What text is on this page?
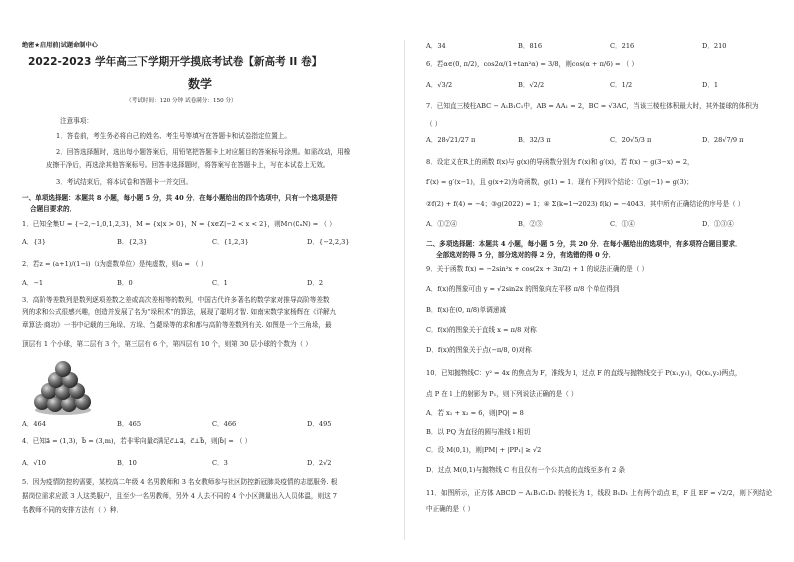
绝密★启用前|试题命制中心
2022-2023 学年高三下学期开学摸底考试卷【新高考 II 卷】
数学
（考试时间：120 分钟 试卷满分：150 分）
注意事项：
1．答卷前，考生务必将自己的姓名、考生号等填写在答题卡和试卷指定位置上。
2．回答选择题时，选出每小题答案后，用铅笔把答题卡上对应题目的答案标号涂黑。如需改动，用橡
皮擦干净后，再选涂其他答案标号。回答非选择题时，将答案写在答题卡上，写在本试卷上无效。
3．考试结束后，将本试卷和答题卡一并交回。
一、单项选择题：本题共 8 小题，每小题 5 分，共 40 分．在每小题给出的四个选项中，只有一个选项是符
合题目要求的．
1．已知全集U = {−2,−1,0,1,2,3}，M = {x|x > 0}，N = {x∈Z|−2 < x < 2}，则M∩(∁ᵤN) = （ ）
A．{3}	B．{2,3}	C．{1,2,3}	D．{−2,2,3}
2．若z = (a+1)/(1−i)（i为虚数单位）是纯虚数，则a = （ ）
A．−1	B．0	C．1	D．2
3．高阶等差数列是数列逐项差数之差或高次差相等的数列，中国古代许多著名的数学家对推导高阶等差数
列的求和公式很感兴趣，创造并发展了名为“垛积术”的算法，展现了聪明才智. 如南宋数学家杨辉在《详解九
章算法·商功》一书中记载的三角垛、方垛、刍薨垛等的求和都与高阶等差数列有关. 如图是一个三角垛，最
顶层有 1 个小球，第二层有 3 个，第三层有 6 个，第四层有 10 个，则第 30 层小球的个数为（ ）
A．464	B．465	C．466	D．495
4．已知a⃗ = (1,3)，b⃗ = (3,m)，若非零向量c⃗满足c⃗⊥a⃗，c⃗⊥b⃗，则|b⃗| = （ ）
A．√10	B．10	C．3	D．2√2
5．因为疫情防控的需要，某校高二年级 4 名男教师和 3 名女教师参与社区防控新冠肺炎疫情的志愿服务. 根
据岗位需求应派 3 人这类服户，且至少一名男教师，另外 4 人去不同的 4 个小区测量出入人员体温，则这 7
名教师不同的安排方法有（ ）种．
A．34	B．816	C．216	D．210
6．若α∈(0, π/2)，cos2α/(1+tan²α) = 3/8，则cos(α + π/6) = （ ）
A．√3/2	B．√2/2	C．1/2	D．1
7．已知直三棱柱ABC − A₁B₁C₁中，AB = AA₁ = 2，BC = √3AC，当该三棱柱体积最大时，其外接球的体积为
（ ）
A．28√21/27 π	B．32/3 π	C．20√5/3 π	D．28√7/9 π
8．设定义在R上的函数 f(x)与 g(x)的导函数分别为 f′(x)和 g′(x)，若 f(x) − g(3−x) = 2，
f′(x) = g′(x−1)，且 g(x+2)为奇函数，g(1) = 1．现有下列四个结论：①g(−1) = g(3)；
②f(2) + f(4) = −4；③g(2022) = 1；④ Σ(k=1→2023) f(k) = −4043．其中所有正确结论的序号是（ ）
A．①②④	B．②③	C．①④	D．①③④
二、多项选择题：本题共 4 小题，每小题 5 分，共 20 分．在每小题给出的选项中，有多项符合题目要求．
全部选对的得 5 分，部分选对的得 2 分，有选错的得 0 分．
9．关于函数 f(x) = −2sin²x + cos(2x + 3π/2) + 1 的说法正确的是（ ）
A．f(x)的图象可由 y = √2sin2x 的图象向左平移 π/8 个单位得到
B．f(x)在(0, π/8)单调递减
C．f(x)的图象关于直线 x = π/8 对称
D．f(x)的图象关于点(−π/8, 0)对称
10．已知抛物线C：y² = 4x 的焦点为 F，准线为 l，过点 F 的直线与抛物线交于 P(x₁,y₁)，Q(x₂,y₂)两点，
点 P 在 l 上的射影为 P₁，则下列说法正确的是（ ）
A．若 x₁ + x₂ = 6，则|PQ| = 8
B．以 PQ 为直径的圆与准线 l 相切
C．设 M(0,1)，则|PM| + |PP₁| ≥ √2
D．过点 M(0,1)与抛物线 C 有且仅有一个公共点的直线至多有 2 条
11．如图所示，正方体 ABCD − A₁B₁C₁D₁ 的棱长为 1，线段 B₁D₁ 上有两个动点 E，F 且 EF = √2/2，则下列结论
中正确的是（ ）
